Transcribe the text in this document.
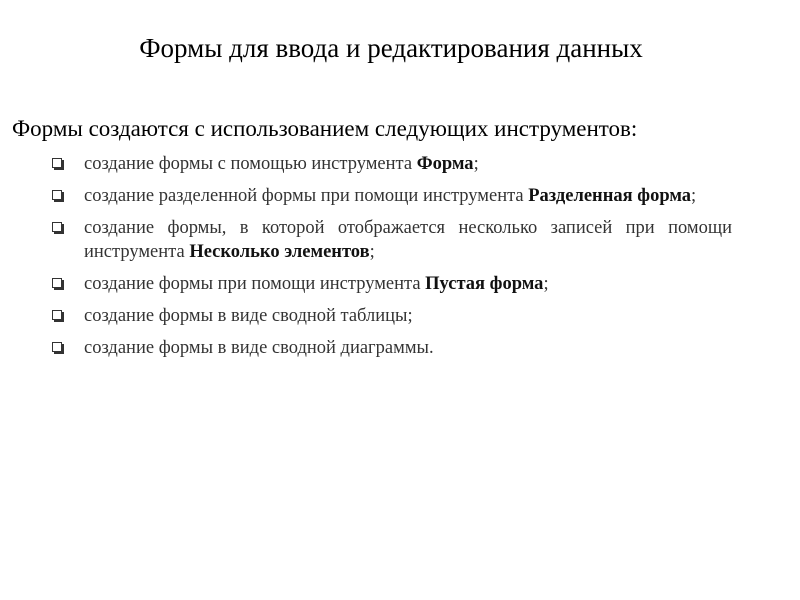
Формы для ввода и редактирования данных
Формы создаются с использованием следующих инструментов:
создание формы с помощью инструмента Форма;
создание разделенной формы при помощи инструмента Разделенная форма;
создание формы, в которой отображается несколько записей при помощи инструмента Несколько элементов;
создание формы при помощи инструмента Пустая форма;
создание формы в виде сводной таблицы;
создание формы в виде сводной диаграммы.
